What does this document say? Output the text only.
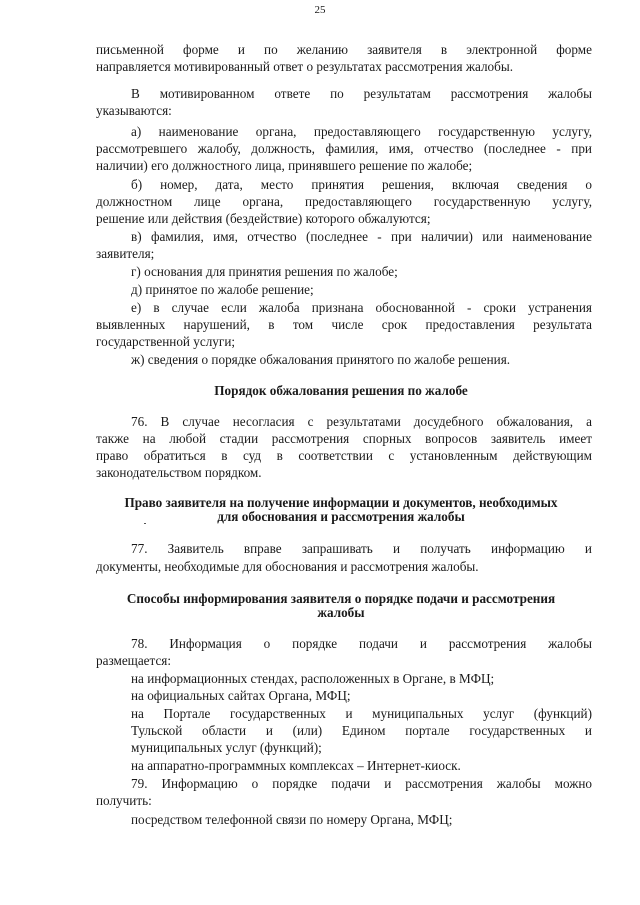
25
письменной форме и по желанию заявителя в электронной форме
направляется мотивированный ответ о результатах рассмотрения жалобы.
В мотивированном ответе по результатам рассмотрения жалобы
указываются:
а) наименование органа, предоставляющего государственную услугу,
рассмотревшего жалобу, должность, фамилия, имя, отчество (последнее - при
наличии) его должностного лица, принявшего решение по жалобе;
б) номер, дата, место принятия решения, включая сведения о
должностном лице органа, предоставляющего государственную услугу,
решение или действия (бездействие) которого обжалуются;
в) фамилия, имя, отчество (последнее - при наличии) или наименование
заявителя;
г) основания для принятия решения по жалобе;
д) принятое по жалобе решение;
е) в случае если жалоба признана обоснованной - сроки устранения
выявленных нарушений, в том числе срок предоставления результата
государственной услуги;
ж) сведения о порядке обжалования принятого по жалобе решения.
Порядок обжалования решения по жалобе
76. В случае несогласия с результатами досудебного обжалования, а
также на любой стадии рассмотрения спорных вопросов заявитель имеет
право обратиться в суд в соответствии с установленным действующим
законодательством порядком.
Право заявителя на получение информации и документов, необходимых
для обоснования и рассмотрения жалобы
77. Заявитель вправе запрашивать и получать информацию и
документы, необходимые для обоснования и рассмотрения жалобы.
Способы информирования заявителя о порядке подачи и рассмотрения
жалобы
78. Информация о порядке подачи и рассмотрения жалобы
размещается:
на информационных стендах, расположенных в Органе, в МФЦ;
на официальных сайтах Органа, МФЦ;
на Портале государственных и муниципальных услуг (функций)
Тульской области и (или) Едином портале государственных и
муниципальных услуг (функций);
на аппаратно-программных комплексах – Интернет-киоск.
79. Информацию о порядке подачи и рассмотрения жалобы можно
получить:
посредством телефонной связи по номеру Органа, МФЦ;
